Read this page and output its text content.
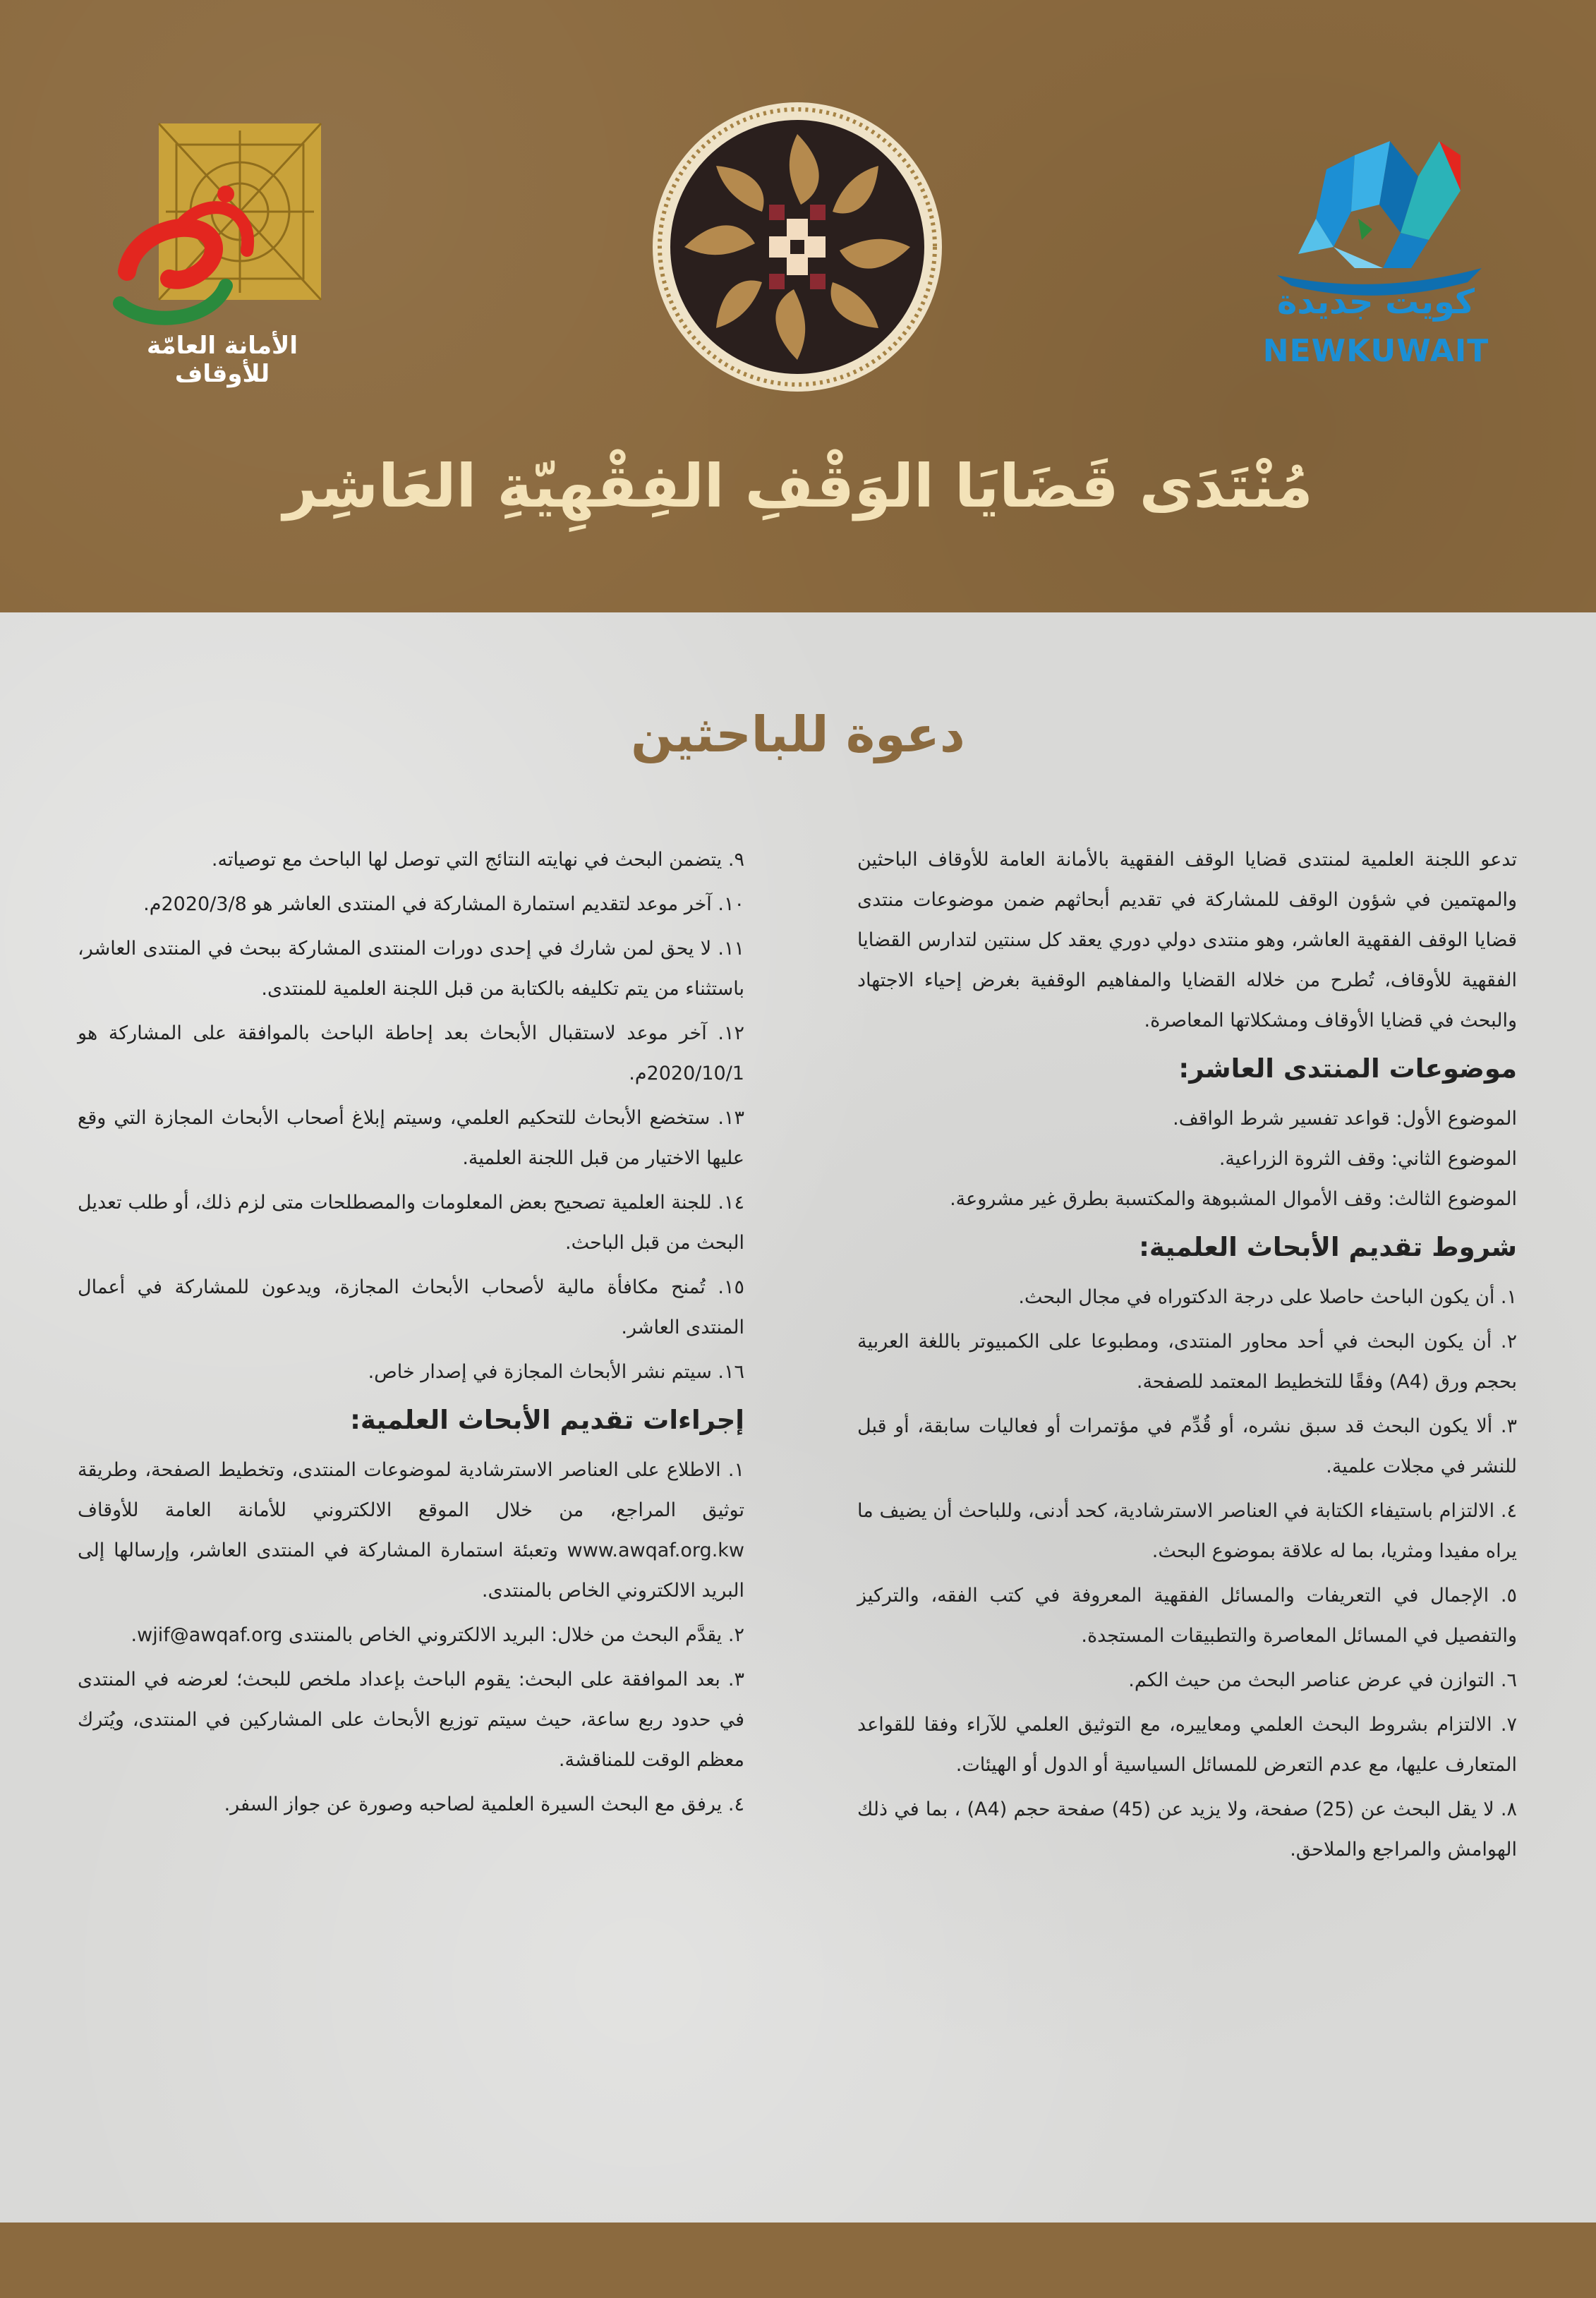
الأمانة العامّة للأوقاف
كويت جديدة
NEWKUWAIT
مُنْتَدَى قَضَايَا الوَقْفِ الفِقْهِيّةِ العَاشِر
دعوة للباحثين

تدعو اللجنة العلمية لمنتدى قضايا الوقف الفقهية بالأمانة العامة للأوقاف الباحثين والمهتمين في شؤون الوقف للمشاركة في تقديم أبحاثهم ضمن موضوعات منتدى قضايا الوقف الفقهية العاشر، وهو منتدى دولي دوري يعقد كل سنتين لتدارس القضايا الفقهية للأوقاف، تُطرح من خلاله القضايا والمفاهيم الوقفية بغرض إحياء الاجتهاد والبحث في قضايا الأوقاف ومشكلاتها المعاصرة.

موضوعات المنتدى العاشر:

الموضوع الأول: قواعد تفسير شرط الواقف.

الموضوع الثاني: وقف الثروة الزراعية.

الموضوع الثالث: وقف الأموال المشبوهة والمكتسبة بطرق غير مشروعة.

شروط تقديم الأبحاث العلمية:

١. أن يكون الباحث حاصلا على درجة الدكتوراه في مجال البحث.

٢. أن يكون البحث في أحد محاور المنتدى، ومطبوعا على الكمبيوتر باللغة العربية بحجم ورق (A4) وفقًا للتخطيط المعتمد للصفحة.

٣. ألا يكون البحث قد سبق نشره، أو قُدِّم في مؤتمرات أو فعاليات سابقة، أو قبل للنشر في مجلات علمية.

٤. الالتزام باستيفاء الكتابة في العناصر الاسترشادية، كحد أدنى، وللباحث أن يضيف ما يراه مفيدا ومثريا، بما له علاقة بموضوع البحث.

٥. الإجمال في التعريفات والمسائل الفقهية المعروفة في كتب الفقه، والتركيز والتفصيل في المسائل المعاصرة والتطبيقات المستجدة.

٦. التوازن في عرض عناصر البحث من حيث الكم.

٧. الالتزام بشروط البحث العلمي ومعاييره، مع التوثيق العلمي للآراء وفقا للقواعد المتعارف عليها، مع عدم التعرض للمسائل السياسية أو الدول أو الهيئات.

٨. لا يقل البحث عن (25) صفحة، ولا يزيد عن (45) صفحة حجم (A4) ، بما في ذلك الهوامش والمراجع والملاحق.

٩. يتضمن البحث في نهايته النتائج التي توصل لها الباحث مع توصياته.

١٠. آخر موعد لتقديم استمارة المشاركة في المنتدى العاشر هو 2020/3/8م.

١١. لا يحق لمن شارك في إحدى دورات المنتدى المشاركة ببحث في المنتدى العاشر، باستثناء من يتم تكليفه بالكتابة من قبل اللجنة العلمية للمنتدى.

١٢. آخر موعد لاستقبال الأبحاث بعد إحاطة الباحث بالموافقة على المشاركة هو 2020/10/1م.

١٣. ستخضع الأبحاث للتحكيم العلمي، وسيتم إبلاغ أصحاب الأبحاث المجازة التي وقع عليها الاختيار من قبل اللجنة العلمية.

١٤. للجنة العلمية تصحيح بعض المعلومات والمصطلحات متى لزم ذلك، أو طلب تعديل البحث من قبل الباحث.

١٥. تُمنح مكافأة مالية لأصحاب الأبحاث المجازة، ويدعون للمشاركة في أعمال المنتدى العاشر.

١٦. سيتم نشر الأبحاث المجازة في إصدار خاص.

إجراءات تقديم الأبحاث العلمية:

١. الاطلاع على العناصر الاسترشادية لموضوعات المنتدى، وتخطيط الصفحة، وطريقة توثيق المراجع، من خلال الموقع الالكتروني للأمانة العامة للأوقاف www.awqaf.org.kw وتعبئة استمارة المشاركة في المنتدى العاشر، وإرسالها إلى البريد الالكتروني الخاص بالمنتدى.

٢. يقدَّم البحث من خلال: البريد الالكتروني الخاص بالمنتدى wjif@awqaf.org.

٣. بعد الموافقة على البحث: يقوم الباحث بإعداد ملخص للبحث؛ لعرضه في المنتدى في حدود ربع ساعة، حيث سيتم توزيع الأبحاث على المشاركين في المنتدى، ويُترك معظم الوقت للمناقشة.

٤. يرفق مع البحث السيرة العلمية لصاحبه وصورة عن جواز السفر.
